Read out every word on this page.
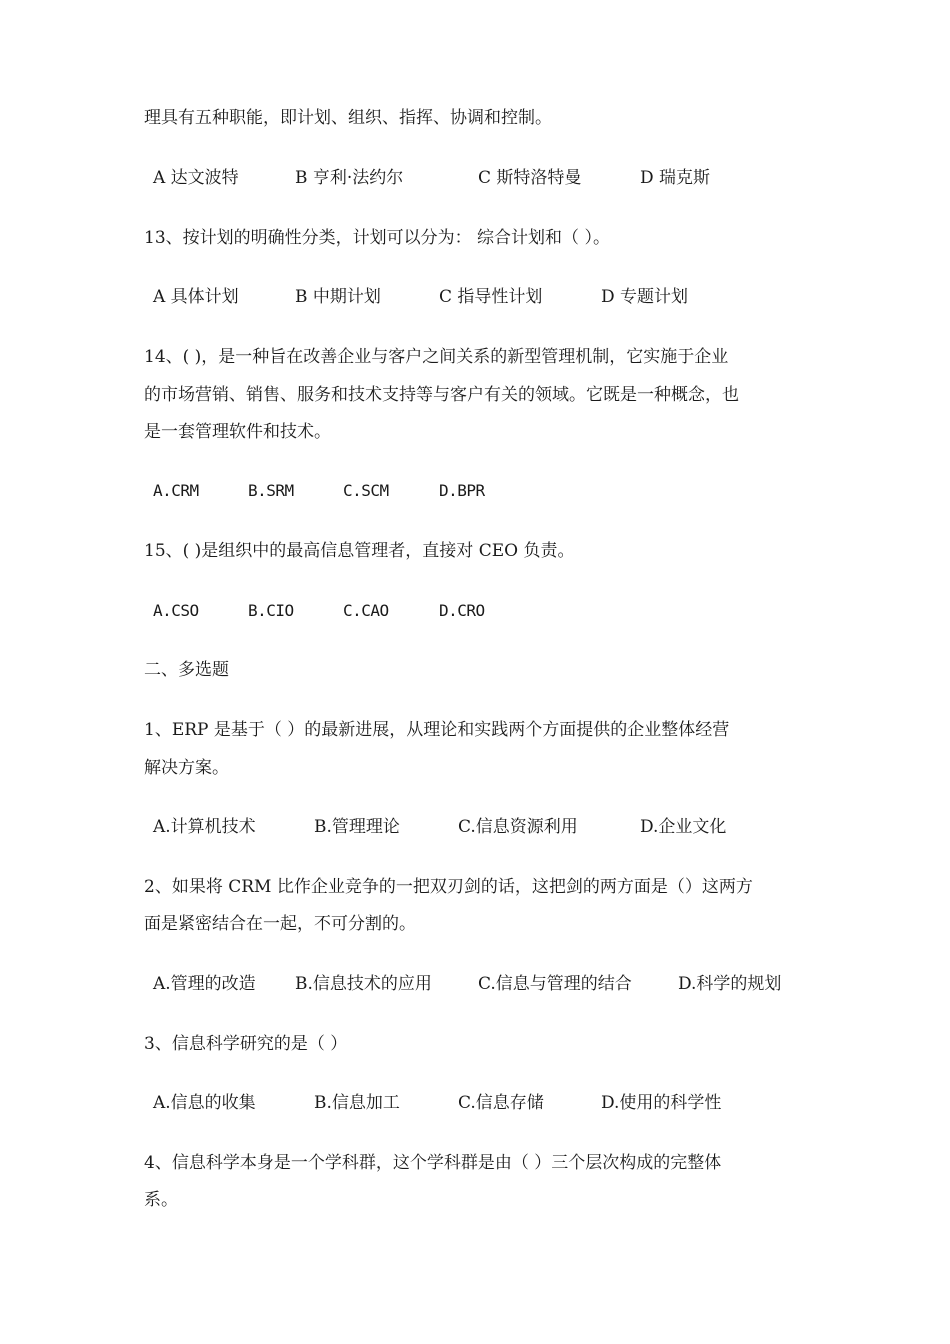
理具有五种职能，即计划、组织、指挥、协调和控制。

A 达文波特	B 亨利·法约尔	C 斯特洛特曼	D 瑞克斯

13、按计划的明确性分类，计划可以分为： 综合计划和（ ）。

A 具体计划	B 中期计划	C 指导性计划	D 专题计划

14、( )，是一种旨在改善企业与客户之间关系的新型管理机制，它实施于企业

的市场营销、销售、服务和技术支持等与客户有关的领域。它既是一种概念，也

是一套管理软件和技术。

A.CRM	B.SRM	C.SCM	D.BPR

15、( )是组织中的最高信息管理者，直接对 CEO 负责。

A.CSO	B.CIO	C.CAO	D.CRO

二、多选题

1、ERP 是基于（ ）的最新进展，从理论和实践两个方面提供的企业整体经营

解决方案。

A.计算机技术	B.管理理论	C.信息资源利用	D.企业文化

2、如果将 CRM 比作企业竞争的一把双刃剑的话，这把剑的两方面是（）这两方

面是紧密结合在一起，不可分割的。

A.管理的改造 B.信息技术的应用	C.信息与管理的结合	D.科学的规划

3、信息科学研究的是（ ）

A.信息的收集	B.信息加工	C.信息存储	D.使用的科学性

4、信息科学本身是一个学科群，这个学科群是由（ ）三个层次构成的完整体

系。
